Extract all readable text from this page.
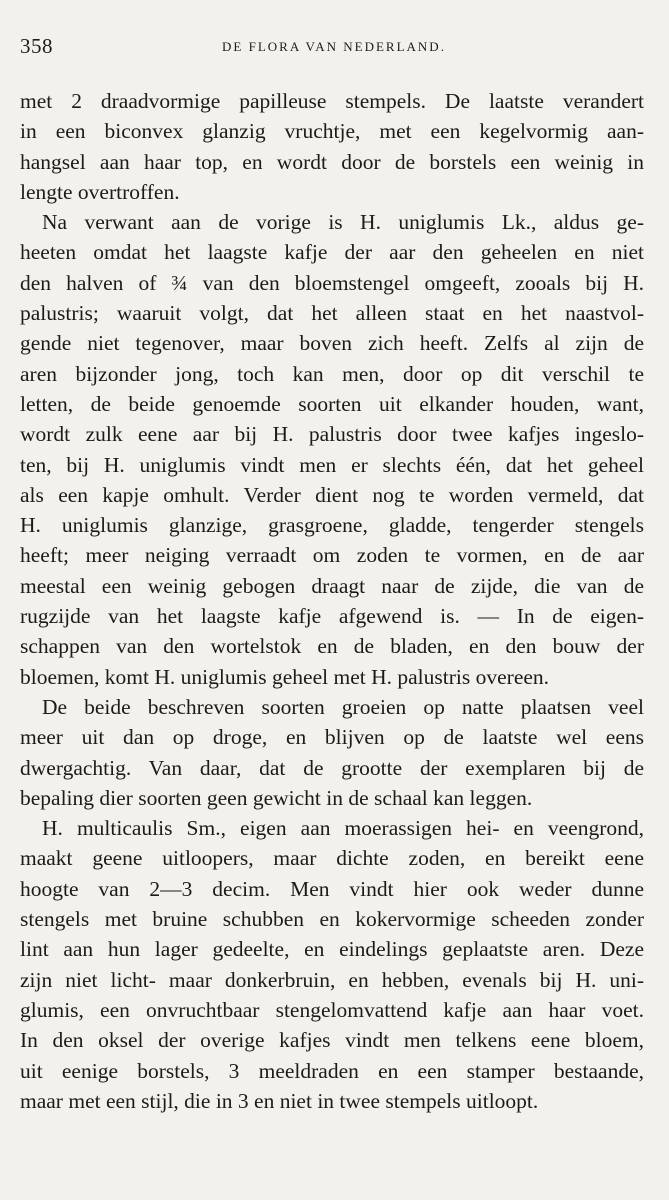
358	DE FLORA VAN NEDERLAND.
met 2 draadvormige papilleuse stempels. De laatste verandert
in een biconvex glanzig vruchtje, met een kegelvormig aan-
hangsel aan haar top, en wordt door de borstels een weinig in
lengte overtroffen.
Na verwant aan de vorige is H. uniglumis Lk., aldus ge-
heeten omdat het laagste kafje der aar den geheelen en niet
den halven of ¾ van den bloemstengel omgeeft, zooals bij H.
palustris; waaruit volgt, dat het alleen staat en het naastvol-
gende niet tegenover, maar boven zich heeft. Zelfs al zijn de
aren bijzonder jong, toch kan men, door op dit verschil te
letten, de beide genoemde soorten uit elkander houden, want,
wordt zulk eene aar bij H. palustris door twee kafjes ingeslo-
ten, bij H. uniglumis vindt men er slechts één, dat het geheel
als een kapje omhult. Verder dient nog te worden vermeld, dat
H. uniglumis glanzige, grasgroene, gladde, tengerder stengels
heeft; meer neiging verraadt om zoden te vormen, en de aar
meestal een weinig gebogen draagt naar de zijde, die van de
rugzijde van het laagste kafje afgewend is. — In de eigen-
schappen van den wortelstok en de bladen, en den bouw der
bloemen, komt H. uniglumis geheel met H. palustris overeen.
De beide beschreven soorten groeien op natte plaatsen veel
meer uit dan op droge, en blijven op de laatste wel eens
dwergachtig. Van daar, dat de grootte der exemplaren bij de
bepaling dier soorten geen gewicht in de schaal kan leggen.
H. multicaulis Sm., eigen aan moerassigen hei- en veengrond,
maakt geene uitloopers, maar dichte zoden, en bereikt eene
hoogte van 2—3 decim. Men vindt hier ook weder dunne
stengels met bruine schubben en kokervormige scheeden zonder
lint aan hun lager gedeelte, en eindelings geplaatste aren. Deze
zijn niet licht- maar donkerbruin, en hebben, evenals bij H. uni-
glumis, een onvruchtbaar stengelomvattend kafje aan haar voet.
In den oksel der overige kafjes vindt men telkens eene bloem,
uit eenige borstels, 3 meeldraden en een stamper bestaande,
maar met een stijl, die in 3 en niet in twee stempels uitloopt.
